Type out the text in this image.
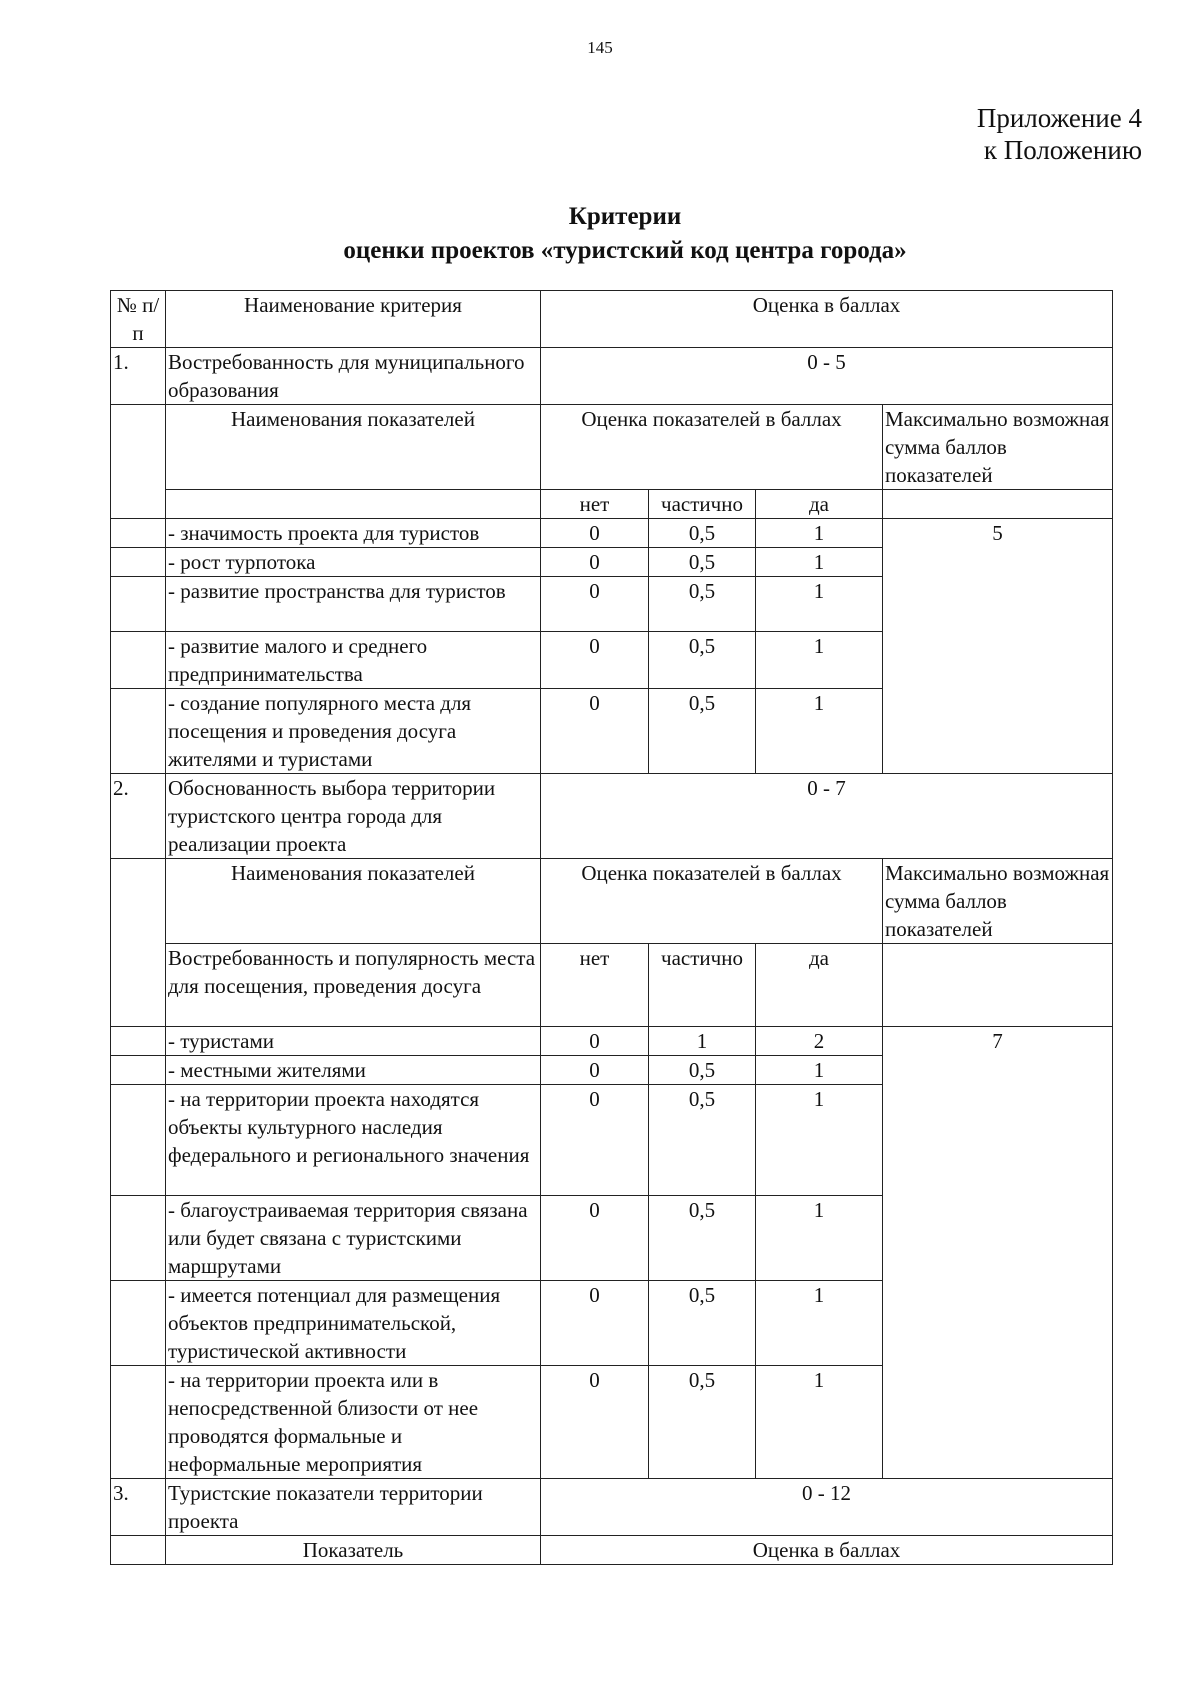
145
Приложение 4
к Положению
Критерии
оценки проектов «туристский код центра города»
№ п/п	Наименование критерия	Оценка в баллах			
1.	Востребованность для муниципального образования	0 - 5			
	Наименования показателей	Оценка показателей в баллах			Максимально возможная сумма баллов показателей
		нет	частично	да	
	- значимость проекта для туристов	0	0,5	1	5
	- рост турпотока	0	0,5	1	
	- развитие пространства для туристов	0	0,5	1	
	- развитие малого и среднего предпринимательства	0	0,5	1	
	- создание популярного места для посещения и проведения досуга жителями и туристами	0	0,5	1	
2.	Обоснованность выбора территории туристского центра города для реализации проекта	0 - 7			
	Наименования показателей	Оценка показателей в баллах			Максимально возможная сумма баллов показателей
	Востребованность и популярность места для посещения, проведения досуга	нет	частично	да	
	- туристами	0	1	2	7
	- местными жителями	0	0,5	1	
	- на территории проекта находятся объекты культурного наследия федерального и регионального значения	0	0,5	1	
	- благоустраиваемая территория связана или будет связана с туристскими маршрутами	0	0,5	1	
	- имеется потенциал для размещения объектов предпринимательской, туристической активности	0	0,5	1	
	- на территории проекта или в непосредственной близости от нее проводятся формальные и неформальные мероприятия	0	0,5	1	
3.	Туристские показатели территории проекта	0 - 12			
	Показатель	Оценка в баллах			
